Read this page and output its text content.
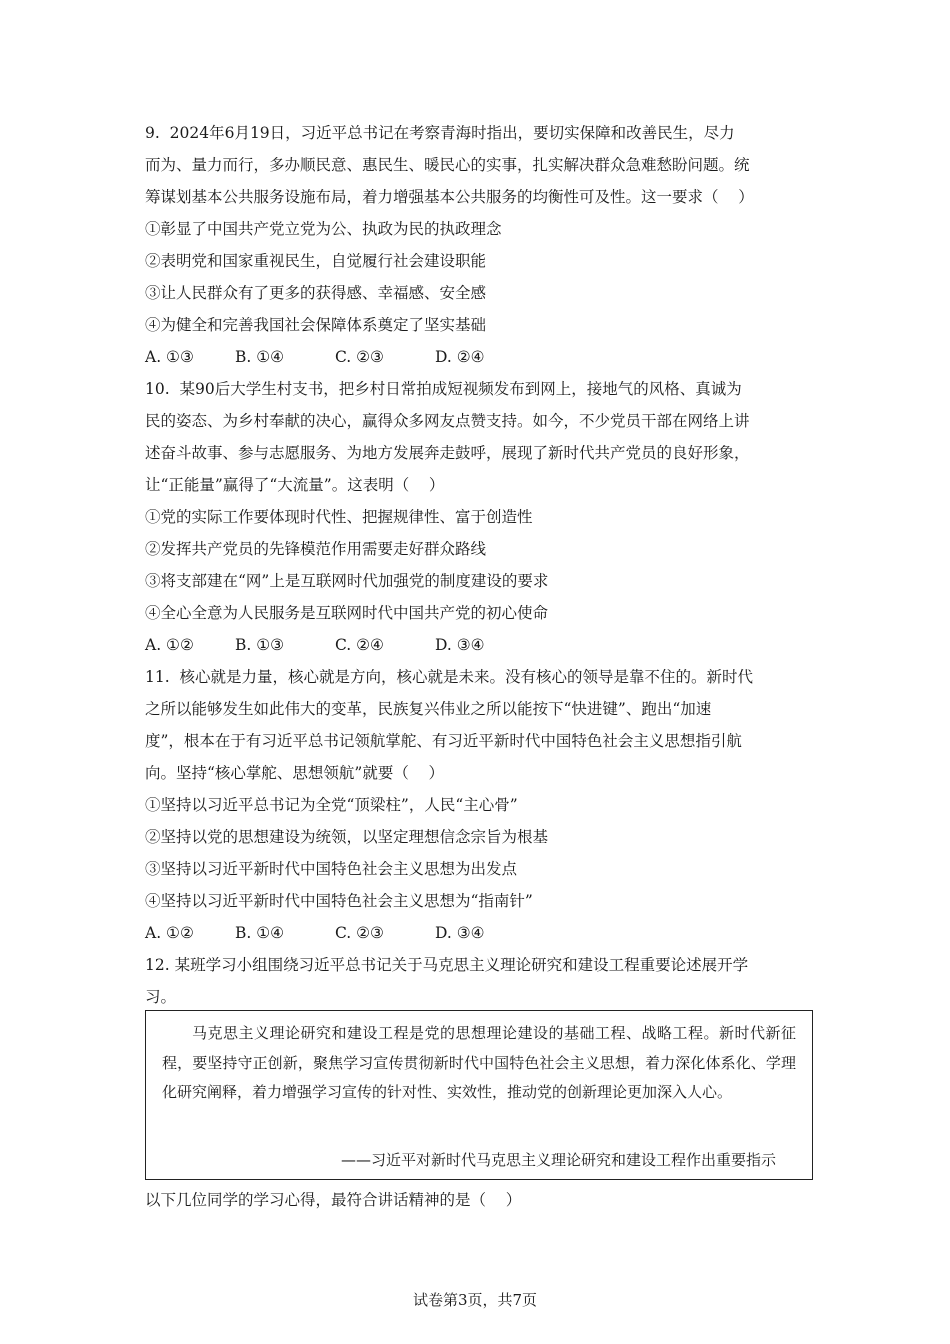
9.  2024年6月19日，习近平总书记在考察青海时指出，要切实保障和改善民生，尽力
而为、量力而行，多办顺民意、惠民生、暖民心的实事，扎实解决群众急难愁盼问题。统
筹谋划基本公共服务设施布局，着力增强基本公共服务的均衡性可及性。这一要求（    ）
①彰显了中国共产党立党为公、执政为民的执政理念
②表明党和国家重视民生，自觉履行社会建设职能
③让人民群众有了更多的获得感、幸福感、安全感
④为健全和完善我国社会保障体系奠定了坚实基础
A. ①③	B. ①④	C. ②③	D. ②④
10.  某90后大学生村支书，把乡村日常拍成短视频发布到网上，接地气的风格、真诚为
民的姿态、为乡村奉献的决心，赢得众多网友点赞支持。如今，不少党员干部在网络上讲
述奋斗故事、参与志愿服务、为地方发展奔走鼓呼，展现了新时代共产党员的良好形象，
让“正能量”赢得了“大流量”。这表明（    ）
①党的实际工作要体现时代性、把握规律性、富于创造性
②发挥共产党员的先锋模范作用需要走好群众路线
③将支部建在“网”上是互联网时代加强党的制度建设的要求
④全心全意为人民服务是互联网时代中国共产党的初心使命
A. ①②	B. ①③	C. ②④	D. ③④
11.  核心就是力量，核心就是方向，核心就是未来。没有核心的领导是靠不住的。新时代
之所以能够发生如此伟大的变革，民族复兴伟业之所以能按下“快进键”、跑出“加速
度”，根本在于有习近平总书记领航掌舵、有习近平新时代中国特色社会主义思想指引航
向。坚持“核心掌舵、思想领航”就要（    ）
①坚持以习近平总书记为全党“顶梁柱”，人民“主心骨”
②坚持以党的思想建设为统领，以坚定理想信念宗旨为根基
③坚持以习近平新时代中国特色社会主义思想为出发点
④坚持以习近平新时代中国特色社会主义思想为“指南针”
A. ①②	B. ①④	C. ②③	D. ③④
12. 某班学习小组围绕习近平总书记关于马克思主义理论研究和建设工程重要论述展开学
习。
马克思主义理论研究和建设工程是党的思想理论建设的基础工程、战略工程。新时代新征程，要坚持守正创新，聚焦学习宣传贯彻新时代中国特色社会主义思想，着力深化体系化、学理化研究阐释，着力增强学习宣传的针对性、实效性，推动党的创新理论更加深入人心。
——习近平对新时代马克思主义理论研究和建设工程作出重要指示
以下几位同学的学习心得，最符合讲话精神的是（    ）
试卷第3页，共7页
